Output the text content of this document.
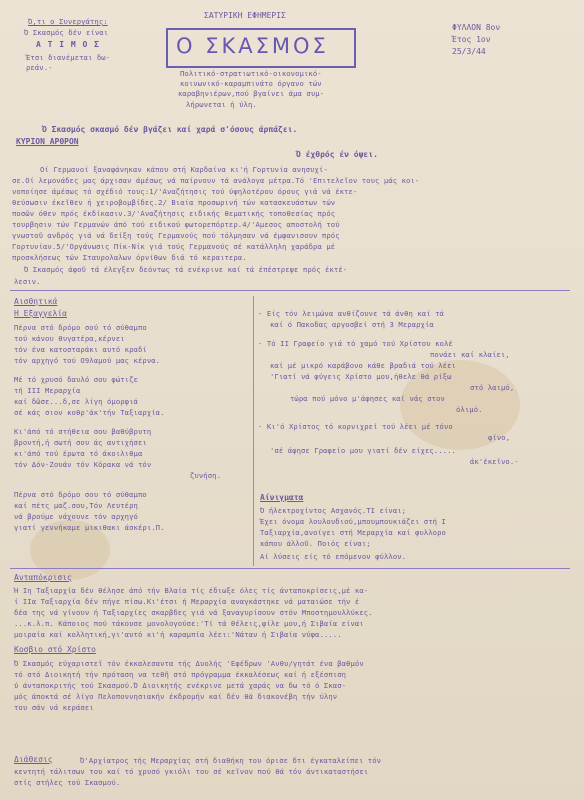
Ό,τι ο Συνεργάτης:
Ό Σκασμός δέν είναι
Α Τ Ι Μ Ο Σ
Έτσι διανέμεται δω-
ρεάν.-
ΣΑΤΥΡΙΚΗ ΕΦΗΜΕΡΙΣ
Ο ΣΚΑΣΜΟΣ
Πολιτικό-στρατιωτικό-οικονομικό-
κοινωνικό-καραμπινάτο όργανο τών
καραβηνιέρων,πού βγαίνει άμα συμ-
λήρωνεται ή ύλη.
ΦΥΛΛΟΝ 8ον
Έτος 1ον
25/3/44
Ό Σκασμός σκασμό δέν βγάζει καί χαρά σ'όσους άρπάζει.
ΚΥΡΙΟΝ ΑΡΘΡΟΝ
Ό έχθρός έν όψει.
Οί Γερμανοί ξαναφάνηκαν κάπου στή Καρδαίνα κι'ή Γορτυνία ανησυχί-
σε.Οί λεμονάδες μας άρχισαν άμέσως νά παίρνουν τά ανάλογα μέτρα.Τό 'Επιτελεῖον τους μάς κοι-
νοποίησε άμέσως τό σχέδιό τους:1/'Αναζήτησις τού ύψηλοτέρου όρους γιά νά έκτε-
θεύσωσιν έκεῖθεν ή χειροβομβίδες.2/ Βιαία προσωρινή τών κατασκευάστων τών
ποσῶν όθεν πρός έκδίκασιν.3/'Αναζήτησις ειδικής θεματικής τοποθεσίας πρός
τουρβησιν τών Γερμανών άπό τού ειδικού φωτορεπόρτερ.4/'Αμεσος αποστολή τού
γνωστοῦ ανδρός γιά νά δείξη τούς Γερμανούς πού τόλμησαν νά έμφανισουν πρός
Γορτυνίαν.5/'Οργάνωσις Πίκ-Νίκ γιά τούς Γερμανούς σέ κατάλληλη χαράδρα μέ
προσκλήσεως τών Σταυρολαλων όρνίθων διά τό κεραιτερα.
Ό Σκασμός άφοῦ τά έλεγξεν δεόντως τά ενέκρινε καί τά έπέστρεψε πρός έκτέ-
λεσιν.
Αισθητικά
Η Εξαγγελία
Πέρνα στό δρόμο σού τό σύθαμπο
τού κάνου θυγατέρα,κέρνει
τόν ένα κατοσταράκι αυτό κραδί
τόν αρχηγό τού Ο9λαμού μας κέρνα.
Μέ τό χρυσό δαυλό σου φώτιζε
τή III Μεραρχία
καί δῶσε...δ,σε λίγη όμορφιά
σέ κάς σιον κοθρ'άκ'τήν Ταξιαρχία.
Κι'άπό τό στήθεια σου βαθύβρυτη
βροντή,ή σωτή σου άς αντιχήσει
κι'άπό τού έρωτα τό άκοιλιθμα
τόν Δόν-Ζουάν τόν Κόρακα νά τόν
ζυνήση.
Πέρνα στό δρόμο σου τό σύθαμπο
καί πέτς μαζ.σου,Τόν Λευτέρη
νά βρούμε νάχουνε τόν αρχηγό
γιατί γεννήκαμε μικιθακι άσκέρι.Π.
- Είς τόν λειμώνα ανθίζουνε τά άνθη καί τά
καί ό Πακοδας αργοσβεί στή 3 Μεραρχία
- Τό II Γραφείο γιά τό χαμό τού Χρίστου κολέ
πονάει καί κλαίει,
καί μέ μικρό καράβονο κάθε βραδιά τού λέει
'Γιατί νά φύγεις Χρίστο μου,ήθελε θά ρίξω
στό λαιμό,
τώρα πού μόνο μ'άφησες καί νάς στον
όλιμό.
- Κι'ό Χρίστος τό κορνιχρεί τού λέει μέ τόνο
φίνο,
'σέ άφησε Γραφείο μου γιατί δέν είχες.....
άκ'έκεῖνο.-
Αίνιγματα
Ό ήλεκτροχίντος Ασχανός.ΤΙ είναι;
Έχει όνομα λουλουδιού,μπουμπουκιάζει στή Ι
Ταξιαρχία,ανοίγει στή Μεραρχία καί φυλλορο
κάπου άλλοῦ. Ποιός είναι;
Αί λύσεις είς τό επόμενον φύλλον.
Ανταπόκρισις
Ή Ιη Ταξιαρχία δέν θέλησε άπό τήν Βλαία τίς έδιωξε όλες τίς άνταποκρίσεις,μέ κα-
ί ΙΙα Ταξιαρχία δέν πήγε πίσω.Κι'έτσι ή Μεραρχία αναγκάστηκε νά ματαιώσε τήν έ
δέα της νά γίνουν ή Ταξιαρχίες σκαρβδες γιά νά ξαναγυρίσουν στόν Μποστημουλλύκες.
...κ.λ.π. Κάποιος πού τάκουσε μονολογούσε:'Τί τά θέλεις,φίλε μου,ή Σιβαία είναι
μοιραία καί κολλητική,γι'αυτό κι'ή καραμπία λέει:'Νάταν ή Σιβαία νύφα.....
Κοσβιο στό Χρίστο
Ό Σκασμός εύχαριστεῖ τόν έκκαλεσαντα τής Δυολής 'Εφέδρων 'Ανθυ/γητάτ ένα βαθμόν
τό στό Διοικητή τήν πρόταση να τεθῆ στό πρόγραμμα έκκαλέσεως καί ή εξέσπιση
ύ άνταποκριτής τού Σκασμού.Ό Διοικητής ενέκρινε μετά χαράς να δω τό ό Σκασ-
μός άποκτά σέ λίγο Πελοποννησιακήν έκδρομήν καί δέν θά διακονέβη τήν ύλην
του σάν νά κεράσει
Διάθεσις	Ό'Αρχίατρος τής Μεραρχίας στή διαθήκη του όρισε δτι έγκαταλείπει τόν
κεντητή τάλιτσων του καί τό χρυσό γκιόλι του σέ κεῖνον πού θά τόν άντικαταστήσει
στίς στήλες τού Σκασμού.
